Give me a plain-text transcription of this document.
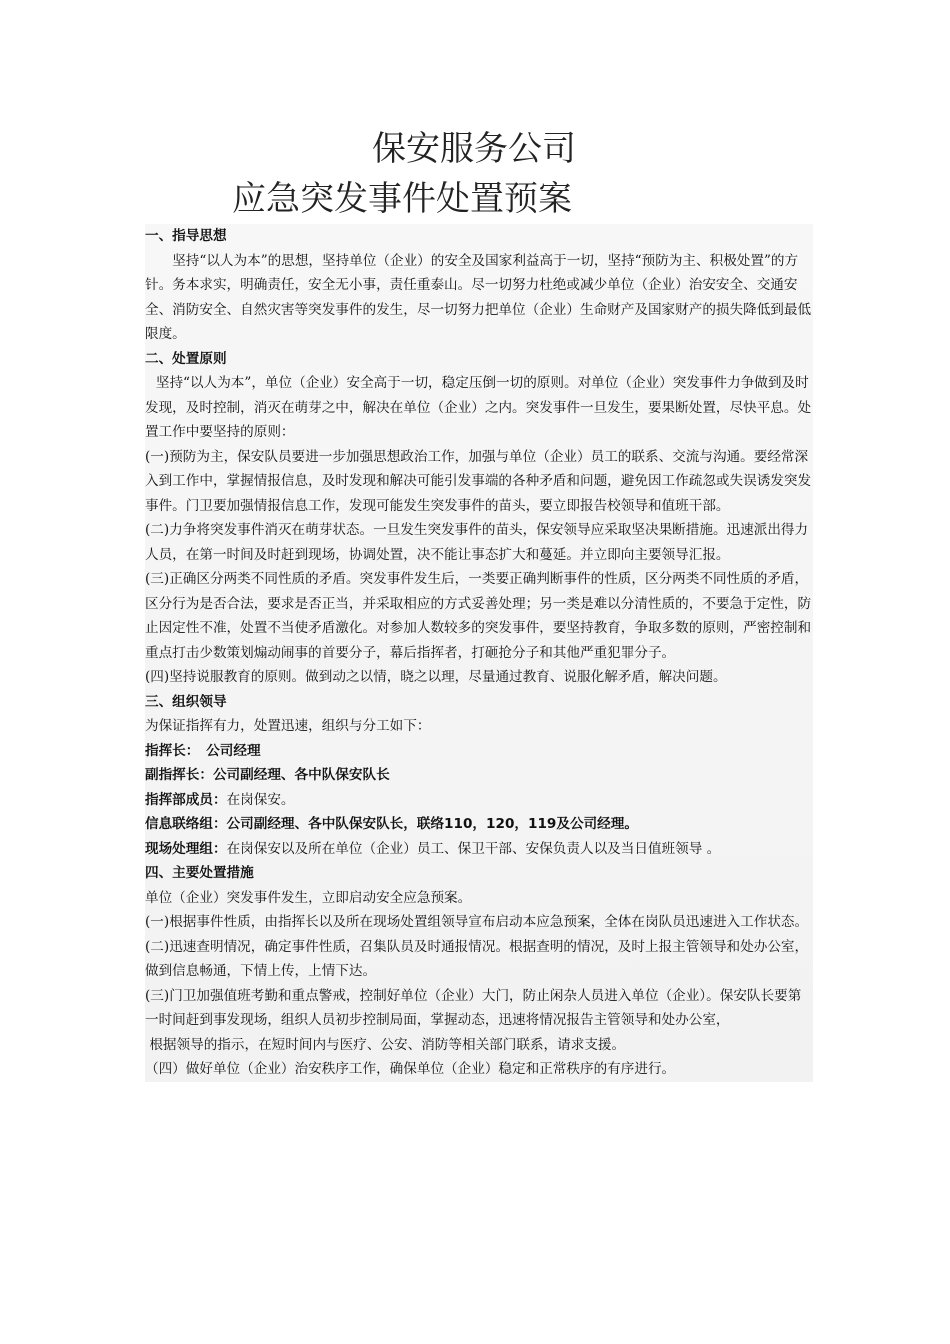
保安服务公司
应急突发事件处置预案

一、指导思想

坚持“以人为本”的思想，坚持单位（企业）的安全及国家利益高于一切，坚持“预防为主、积极处置”的方针。务本求实，明确责任，安全无小事，责任重泰山。尽一切努力杜绝或减少单位（企业）治安安全、交通安全、消防安全、自然灾害等突发事件的发生，尽一切努力把单位（企业）生命财产及国家财产的损失降低到最低限度。

二、处置原则

坚持“以人为本”，单位（企业）安全高于一切，稳定压倒一切的原则。对单位（企业）突发事件力争做到及时发现，及时控制，消灭在萌芽之中，解决在单位（企业）之内。突发事件一旦发生，要果断处置，尽快平息。处置工作中要坚持的原则：

(一)预防为主，保安队员要进一步加强思想政治工作，加强与单位（企业）员工的联系、交流与沟通。要经常深入到工作中，掌握情报信息，及时发现和解决可能引发事端的各种矛盾和问题，避免因工作疏忽或失误诱发突发事件。门卫要加强情报信息工作，发现可能发生突发事件的苗头，要立即报告校领导和值班干部。

(二)力争将突发事件消灭在萌芽状态。一旦发生突发事件的苗头，保安领导应采取坚决果断措施。迅速派出得力人员，在第一时间及时赶到现场，协调处置，决不能让事态扩大和蔓延。并立即向主要领导汇报。

(三)正确区分两类不同性质的矛盾。突发事件发生后，一类要正确判断事件的性质，区分两类不同性质的矛盾，区分行为是否合法，要求是否正当，并采取相应的方式妥善处理；另一类是难以分清性质的，不要急于定性，防止因定性不准，处置不当使矛盾激化。对参加人数较多的突发事件，要坚持教育，争取多数的原则，严密控制和重点打击少数策划煽动闹事的首要分子，幕后指挥者，打砸抢分子和其他严重犯罪分子。

(四)坚持说服教育的原则。做到动之以情，晓之以理，尽量通过教育、说服化解矛盾，解决问题。

三、组织领导

为保证指挥有力，处置迅速，组织与分工如下：

指挥长：　公司经理

副指挥长：公司副经理、各中队保安队长

指挥部成员：在岗保安。

信息联络组：公司副经理、各中队保安队长，联络110，120，119及公司经理。

现场处理组：在岗保安以及所在单位（企业）员工、保卫干部、安保负责人以及当日值班领导 。

四、主要处置措施

单位（企业）突发事件发生，立即启动安全应急预案。

(一)根据事件性质，由指挥长以及所在现场处置组领导宣布启动本应急预案，全体在岗队员迅速进入工作状态。

(二)迅速查明情况，确定事件性质，召集队员及时通报情况。根据查明的情况，及时上报主管领导和处办公室，做到信息畅通，下情上传，上情下达。

(三)门卫加强值班考勤和重点警戒，控制好单位（企业）大门，防止闲杂人员进入单位（企业）。保安队长要第一时间赶到事发现场，组织人员初步控制局面，掌握动态，迅速将情况报告主管领导和处办公室，

根据领导的指示，在短时间内与医疗、公安、消防等相关部门联系，请求支援。

（四）做好单位（企业）治安秩序工作，确保单位（企业）稳定和正常秩序的有序进行。
